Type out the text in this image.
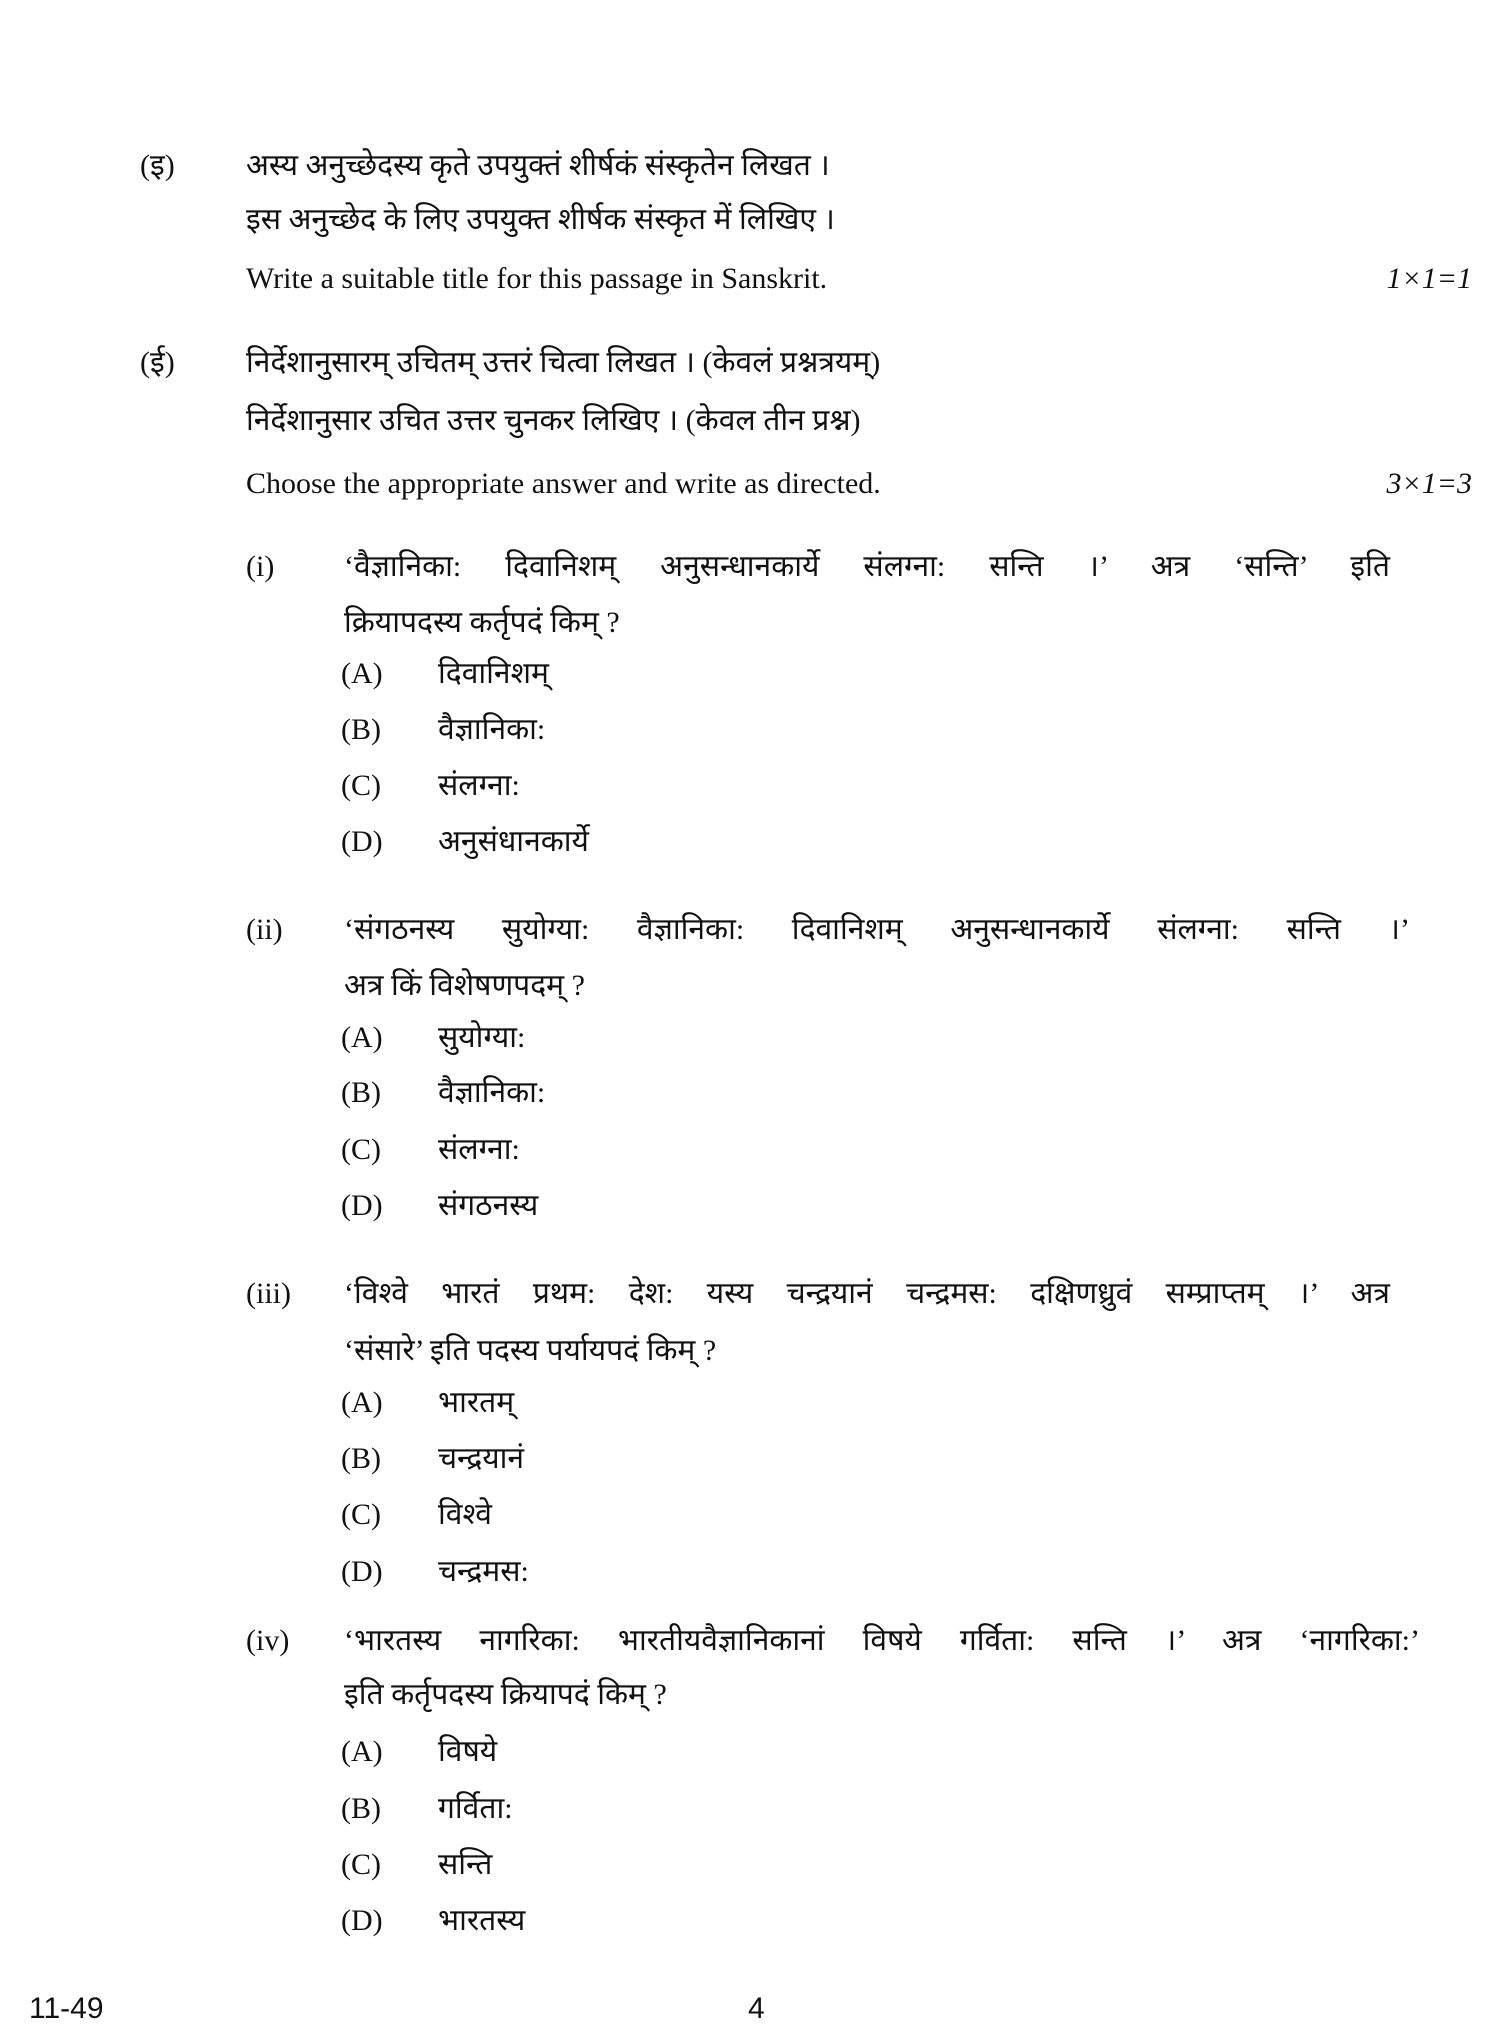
(इ) अस्य अनुच्छेदस्य कृते उपयुक्तं शीर्षकं संस्कृतेन लिखत ।
इस अनुच्छेद के लिए उपयुक्त शीर्षक संस्कृत में लिखिए ।
Write a suitable title for this passage in Sanskrit.	1×1=1
(ई) निर्देशानुसारम् उचितम् उत्तरं चित्वा लिखत । (केवलं प्रश्नत्रयम्)
निर्देशानुसार उचित उत्तर चुनकर लिखिए । (केवल तीन प्रश्न)
Choose the appropriate answer and write as directed.	3×1=3
(i) ‘वैज्ञानिका: दिवानिशम् अनुसन्धानकार्ये संलग्ना: सन्ति ।’ अत्र ‘सन्ति’ इति
क्रियापदस्य कर्तृपदं किम् ?
(A) दिवानिशम्
(B) वैज्ञानिका:
(C) संलग्ना:
(D) अनुसंधानकार्ये
(ii) ‘संगठनस्य सुयोग्या: वैज्ञानिका: दिवानिशम् अनुसन्धानकार्ये संलग्ना: सन्ति ।’
अत्र किं विशेषणपदम् ?
(A) सुयोग्या:
(B) वैज्ञानिका:
(C) संलग्ना:
(D) संगठनस्य
(iii) ‘विश्वे भारतं प्रथम: देश: यस्य चन्द्रयानं चन्द्रमस: दक्षिणध्रुवं सम्प्राप्तम् ।’ अत्र
‘संसारे’ इति पदस्य पर्यायपदं किम् ?
(A) भारतम्
(B) चन्द्रयानं
(C) विश्वे
(D) चन्द्रमस:
(iv) ‘भारतस्य नागरिका: भारतीयवैज्ञानिकानां विषये गर्विता: सन्ति ।’ अत्र ‘नागरिका:’
इति कर्तृपदस्य क्रियापदं किम् ?
(A) विषये
(B) गर्विता:
(C) सन्ति
(D) भारतस्य
11-49	4
